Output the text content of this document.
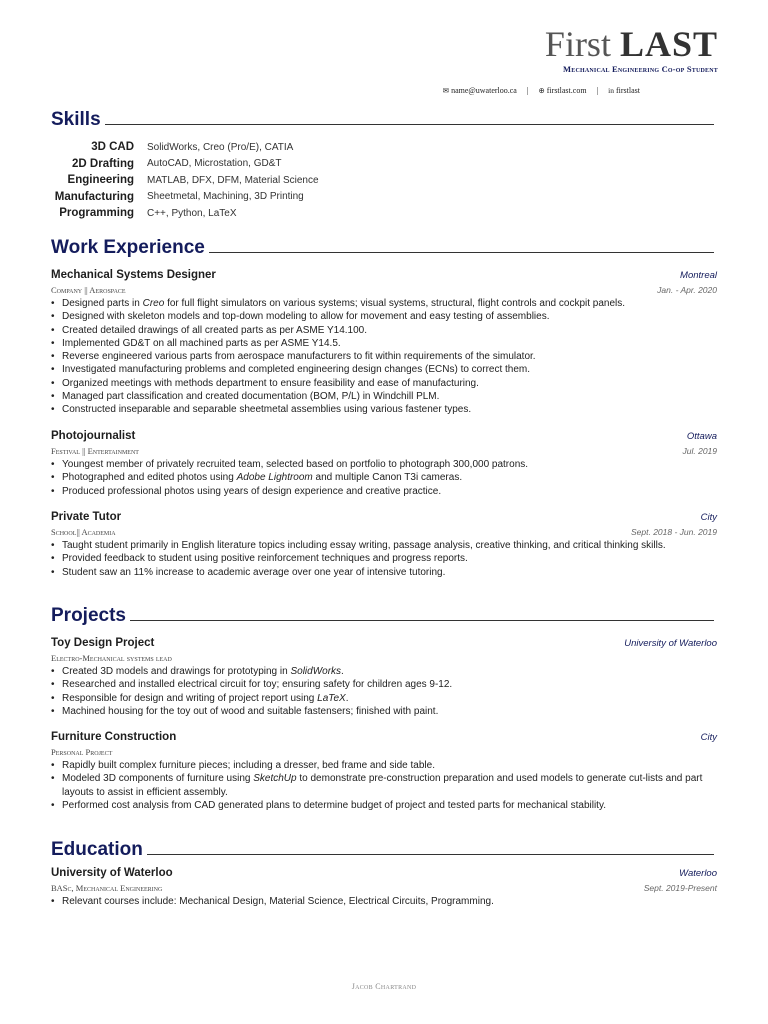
First LAST
Mechanical Engineering Co-op Student
✉ name@uwaterloo.ca | ⊕ firstlast.com | in firstlast
Skills
3D CAD SolidWorks, Creo (Pro/E), CATIA
2D Drafting AutoCAD, Microstation, GD&T
Engineering MATLAB, DFX, DFM, Material Science
Manufacturing Sheetmetal, Machining, 3D Printing
Programming C++, Python, LaTeX
Work Experience
Mechanical Systems Designer	Montreal
Company || Aerospace	Jan. - Apr. 2020
• Designed parts in Creo for full flight simulators on various systems; visual systems, structural, flight controls and cockpit panels.
• Designed with skeleton models and top-down modeling to allow for movement and easy testing of assemblies.
• Created detailed drawings of all created parts as per ASME Y14.100.
• Implemented GD&T on all machined parts as per ASME Y14.5.
• Reverse engineered various parts from aerospace manufacturers to fit within requirements of the simulator.
• Investigated manufacturing problems and completed engineering design changes (ECNs) to correct them.
• Organized meetings with methods department to ensure feasibility and ease of manufacturing.
• Managed part classification and created documentation (BOM, P/L) in Windchill PLM.
• Constructed inseparable and separable sheetmetal assemblies using various fastener types.
Photojournalist	Ottawa
Festival || Entertainment	Jul. 2019
• Youngest member of privately recruited team, selected based on portfolio to photograph 300,000 patrons.
• Photographed and edited photos using Adobe Lightroom and multiple Canon T3i cameras.
• Produced professional photos using years of design experience and creative practice.
Private Tutor	City
School|| Academia	Sept. 2018 - Jun. 2019
• Taught student primarily in English literature topics including essay writing, passage analysis, creative thinking, and critical thinking skills.
• Provided feedback to student using positive reinforcement techniques and progress reports.
• Student saw an 11% increase to academic average over one year of intensive tutoring.
Projects
Toy Design Project	University of Waterloo
Electro-Mechanical systems lead
• Created 3D models and drawings for prototyping in SolidWorks.
• Researched and installed electrical circuit for toy; ensuring safety for children ages 9-12.
• Responsible for design and writing of project report using LaTeX.
• Machined housing for the toy out of wood and suitable fastensers; finished with paint.
Furniture Construction	City
Personal Project
• Rapidly built complex furniture pieces; including a dresser, bed frame and side table.
• Modeled 3D components of furniture using SketchUp to demonstrate pre-construction preparation and used models to generate cut-lists and part layouts to assist in efficient assembly.
• Performed cost analysis from CAD generated plans to determine budget of project and tested parts for mechanical stability.
Education
University of Waterloo	Waterloo
BASc, Mechanical Engineering	Sept. 2019-Present
• Relevant courses include: Mechanical Design, Material Science, Electrical Circuits, Programming.
Jacob Chartrand
